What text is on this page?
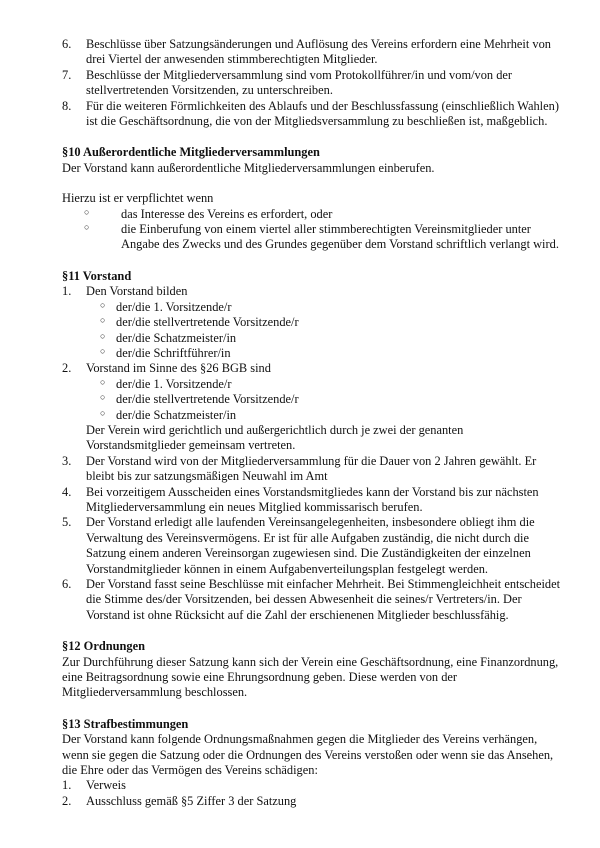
6. Beschlüsse über Satzungsänderungen und Auflösung des Vereins erfordern eine Mehrheit von drei Viertel der anwesenden stimmberechtigten Mitglieder.
7. Beschlüsse der Mitgliederversammlung sind vom Protokollführer/in und vom/von der stellvertretenden Vorsitzenden, zu unterschreiben.
8. Für die weiteren Förmlichkeiten des Ablaufs und der Beschlussfassung (einschließlich Wahlen) ist die Geschäftsordnung, die von der Mitgliedsversammlung zu beschließen ist, maßgeblich.
§10 Außerordentliche Mitgliederversammlungen

Der Vorstand kann außerordentliche Mitgliederversammlungen einberufen.

Hierzu ist er verpflichtet wenn

○	das Interesse des Vereins es erfordert, oder
○	die Einberufung von einem viertel aller stimmberechtigten Vereinsmitglieder unter Angabe des Zwecks und des Grundes gegenüber dem Vorstand schriftlich verlangt wird.
§11 Vorstand
1. Den Vorstand bilden
○ der/die 1. Vorsitzende/r
○ der/die stellvertretende Vorsitzende/r
○ der/die Schatzmeister/in
○ der/die Schriftführer/in
2. Vorstand im Sinne des §26 BGB sind
○ der/die 1. Vorsitzende/r
○ der/die stellvertretende Vorsitzende/r
○ der/die Schatzmeister/in

Der Verein wird gerichtlich und außergerichtlich durch je zwei der genanten Vorstandsmitglieder gemeinsam vertreten.

3. Der Vorstand wird von der Mitgliederversammlung für die Dauer von 2 Jahren gewählt. Er bleibt bis zur satzungsmäßigen Neuwahl im Amt
4. Bei vorzeitigem Ausscheiden eines Vorstandsmitgliedes kann der Vorstand bis zur nächsten Mitgliederversammlung ein neues Mitglied kommissarisch berufen.
5. Der Vorstand erledigt alle laufenden Vereinsangelegenheiten, insbesondere obliegt ihm die Verwaltung des Vereinsvermögens. Er ist für alle Aufgaben zuständig, die nicht durch die Satzung einem anderen Vereinsorgan zugewiesen sind. Die Zuständigkeiten der einzelnen Vorstandmitglieder können in einem Aufgabenverteilungsplan festgelegt werden.
6. Der Vorstand fasst seine Beschlüsse mit einfacher Mehrheit. Bei Stimmengleichheit entscheidet die Stimme des/der Vorsitzenden, bei dessen Abwesenheit die seines/r Vertreters/in. Der Vorstand ist ohne Rücksicht auf die Zahl der erschienenen Mitglieder beschlussfähig.
§12 Ordnungen

Zur Durchführung dieser Satzung kann sich der Verein eine Geschäftsordnung, eine Finanzordnung, eine Beitragsordnung sowie eine Ehrungsordnung geben. Diese werden von der Mitgliederversammlung beschlossen.

§13 Strafbestimmungen

Der Vorstand kann folgende Ordnungsmaßnahmen gegen die Mitglieder des Vereins verhängen, wenn sie gegen die Satzung oder die Ordnungen des Vereins verstoßen oder wenn sie das Ansehen, die Ehre oder das Vermögen des Vereins schädigen:

1. Verweis
2. Ausschluss gemäß §5 Ziffer 3 der Satzung
